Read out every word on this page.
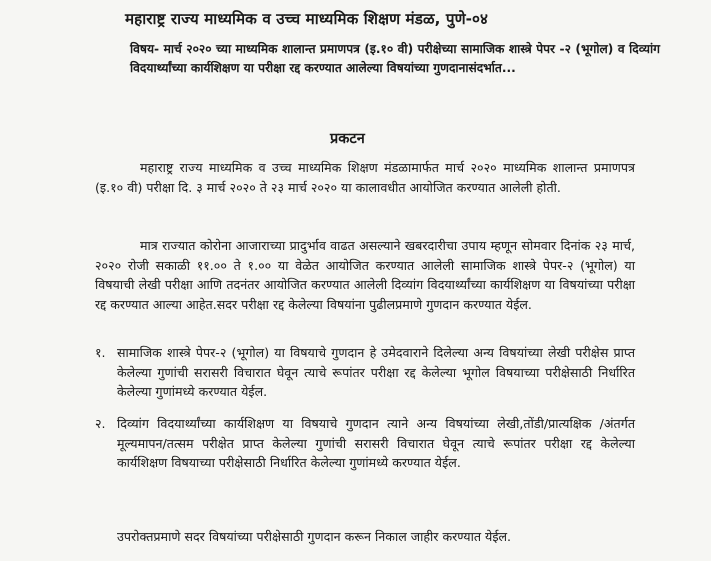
महाराष्ट्र राज्य माध्यमिक व उच्च माध्यमिक शिक्षण मंडळ, पुणे-०४
विषय- मार्च २०२० च्या माध्यमिक शालान्त प्रमाणपत्र (इ.१० वी) परीक्षेच्या सामाजिक शास्त्रे पेपर -२ (भूगोल) व दिव्यांग विदयार्थ्यांच्या कार्यशिक्षण या परीक्षा रद्द करण्यात आलेल्या विषयांच्या गुणदानासंदर्भात...
प्रकटन
महाराष्ट्र राज्य माध्यमिक व उच्च माध्यमिक शिक्षण मंडळामार्फत मार्च २०२० माध्यमिक शालान्त प्रमाणपत्र (इ.१० वी) परीक्षा दि. ३ मार्च २०२० ते २३ मार्च २०२० या कालावधीत आयोजित करण्यात आलेली होती.
मात्र राज्यात कोरोना आजाराच्या प्रादुर्भाव वाढत असल्याने खबरदारीचा उपाय म्हणून सोमवार दिनांक २३ मार्च, २०२० रोजी सकाळी ११.०० ते १.०० या वेळेत आयोजित करण्यात आलेली सामाजिक शास्त्रे पेपर-२ (भूगोल) या विषयाची लेखी परीक्षा आणि तदनंतर आयोजित करण्यात आलेली दिव्यांग विदयार्थ्यांच्या कार्यशिक्षण या विषयांच्या परीक्षा रद्द करण्यात आल्या आहेत.सदर परीक्षा रद्द केलेल्या विषयांना पुढीलप्रमाणे गुणदान करण्यात येईल.
१. सामाजिक शास्त्रे पेपर-२ (भूगोल) या विषयाचे गुणदान हे उमेदवाराने दिलेल्या अन्य विषयांच्या लेखी परीक्षेस प्राप्त केलेल्या गुणांची सरासरी विचारात घेवून त्याचे रूपांतर परीक्षा रद्द केलेल्या भूगोल विषयाच्या परीक्षेसाठी निर्धारित केलेल्या गुणांमध्ये करण्यात येईल.
२. दिव्यांग विदयार्थ्यांच्या कार्यशिक्षण या विषयाचे गुणदान त्याने अन्य विषयांच्या लेखी,तोंडी/प्रात्यक्षिक /अंतर्गत मूल्यमापन/तत्सम परीक्षेत प्राप्त केलेल्या गुणांची सरासरी विचारात घेवून त्याचे रूपांतर परीक्षा रद्द केलेल्या कार्यशिक्षण विषयाच्या परीक्षेसाठी निर्धारित केलेल्या गुणांमध्ये करण्यात येईल.
उपरोक्तप्रमाणे सदर विषयांच्या परीक्षेसाठी गुणदान करून निकाल जाहीर करण्यात येईल.
